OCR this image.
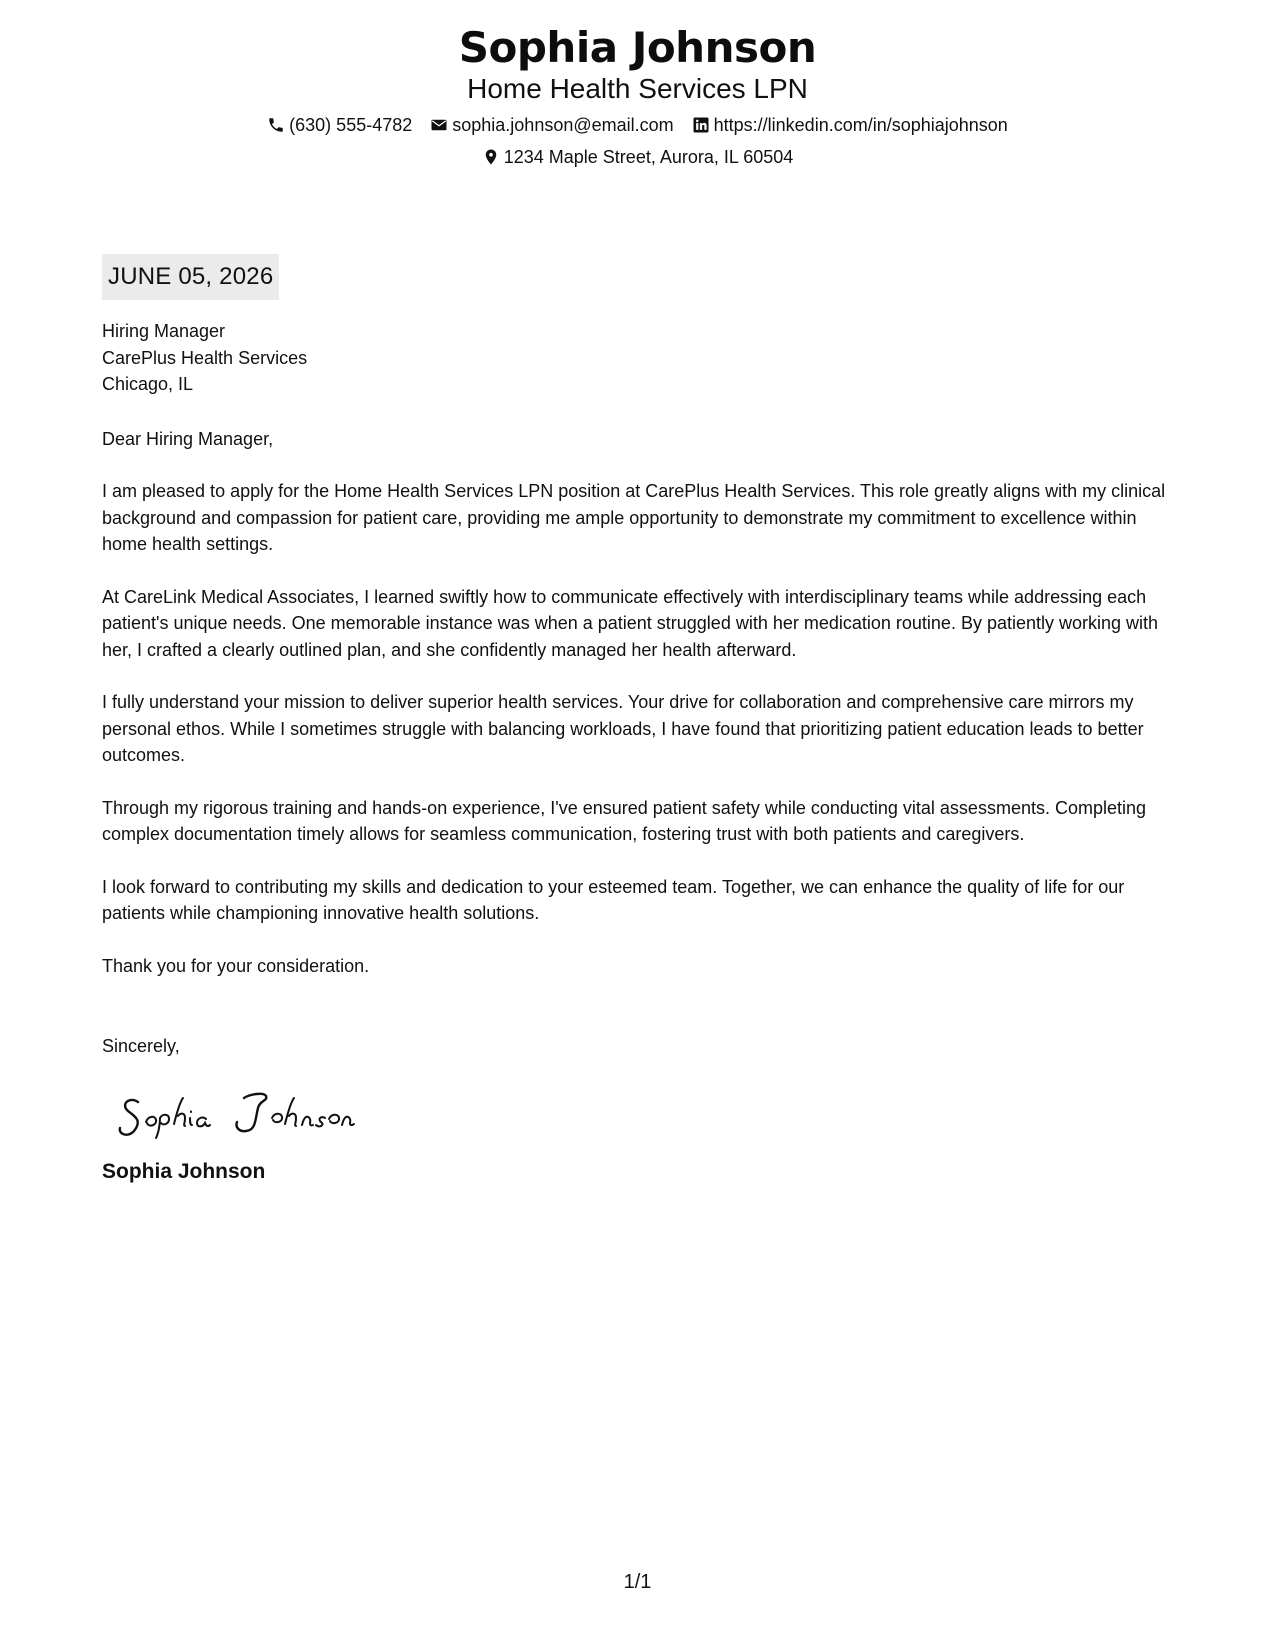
Sophia Johnson
Home Health Services LPN
(630) 555-4782 sophia.johnson@email.com https://linkedin.com/in/sophiajohnson
1234 Maple Street, Aurora, IL 60504
JUNE 05, 2026
Hiring Manager
CarePlus Health Services
Chicago, IL
Dear Hiring Manager,
I am pleased to apply for the Home Health Services LPN position at CarePlus Health Services. This role greatly aligns with my clinical background and compassion for patient care, providing me ample opportunity to demonstrate my commitment to excellence within home health settings.
At CareLink Medical Associates, I learned swiftly how to communicate effectively with interdisciplinary teams while addressing each patient's unique needs. One memorable instance was when a patient struggled with her medication routine. By patiently working with her, I crafted a clearly outlined plan, and she confidently managed her health afterward.
I fully understand your mission to deliver superior health services. Your drive for collaboration and comprehensive care mirrors my personal ethos. While I sometimes struggle with balancing workloads, I have found that prioritizing patient education leads to better outcomes.
Through my rigorous training and hands-on experience, I've ensured patient safety while conducting vital assessments. Completing complex documentation timely allows for seamless communication, fostering trust with both patients and caregivers.
I look forward to contributing my skills and dedication to your esteemed team. Together, we can enhance the quality of life for our patients while championing innovative health solutions.
Thank you for your consideration.
Sincerely,
Sophia Johnson
1/1
